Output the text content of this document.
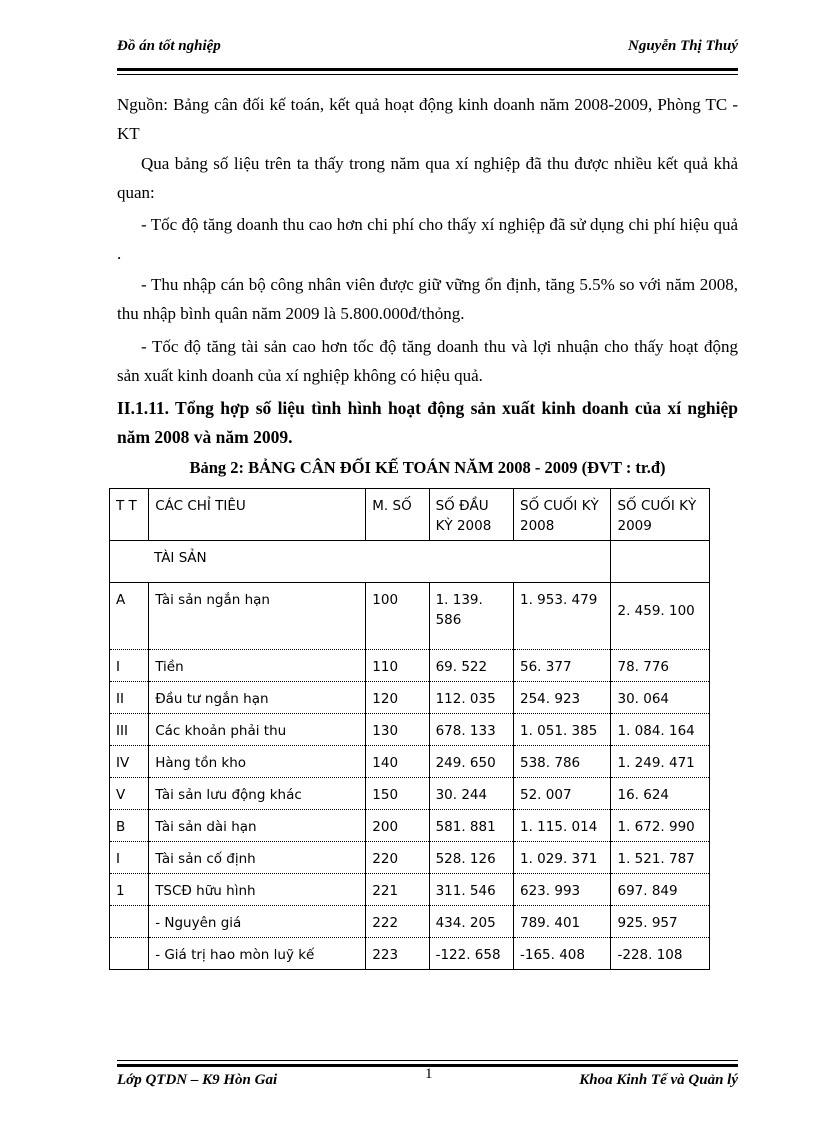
Đồ án tốt nghiệp	Nguyễn Thị Thuý
Nguồn: Bảng cân đối kế toán, kết quả hoạt động kinh doanh năm 2008-2009, Phòng TC - KT
Qua bảng số liệu trên ta thấy trong năm qua xí nghiệp đã thu được nhiều kết quả khả quan:
- Tốc độ tăng doanh thu cao hơn chi phí cho thấy xí nghiệp đã sử dụng chi phí hiệu quả .
- Thu nhập cán bộ công nhân viên được giữ vững ổn định, tăng 5.5% so với năm 2008, thu nhập bình quân năm 2009 là 5.800.000đ/thỏng.
- Tốc độ tăng tài sản cao hơn tốc độ tăng doanh thu và lợi nhuận cho thấy hoạt động sản xuất kinh doanh của xí nghiệp không có hiệu quả.
II.1.11. Tổng hợp số liệu tình hình hoạt động sản xuất kinh doanh của xí nghiệp năm 2008 và năm 2009.
Bảng 2: BẢNG CÂN ĐỐI KẾ TOÁN NĂM 2008 - 2009 (ĐVT : tr.đ)
T T	CÁC CHỈ TIÊU	M. SỐ	SỐ ĐẦU KỲ 2008	SỐ CUỐI KỲ 2008	SỐ CUỐI KỲ 2009
TÀI SẢN					
A	Tài sản ngắn hạn	100	1. 139. 586	1. 953. 479	2. 459. 100
I	Tiền	110	69. 522	56. 377	78. 776
II	Đầu tư ngắn hạn	120	112. 035	254. 923	30. 064
III	Các khoản phải thu	130	678. 133	1. 051. 385	1. 084. 164
IV	Hàng tồn kho	140	249. 650	538. 786	1. 249. 471
V	Tài sản lưu động khác	150	30. 244	52. 007	16. 624
B	Tài sản dài hạn	200	581. 881	1. 115. 014	1. 672. 990
I	Tài sản cố định	220	528. 126	1. 029. 371	1. 521. 787
1	TSCĐ hữu hình	221	311. 546	623. 993	697. 849
	- Nguyên giá	222	434. 205	789. 401	925. 957
	- Giá trị hao mòn luỹ kế	223	-122. 658	-165. 408	-228. 108
Lớp QTDN – K9 Hòn Gai	1	Khoa Kinh Tế và Quản lý
